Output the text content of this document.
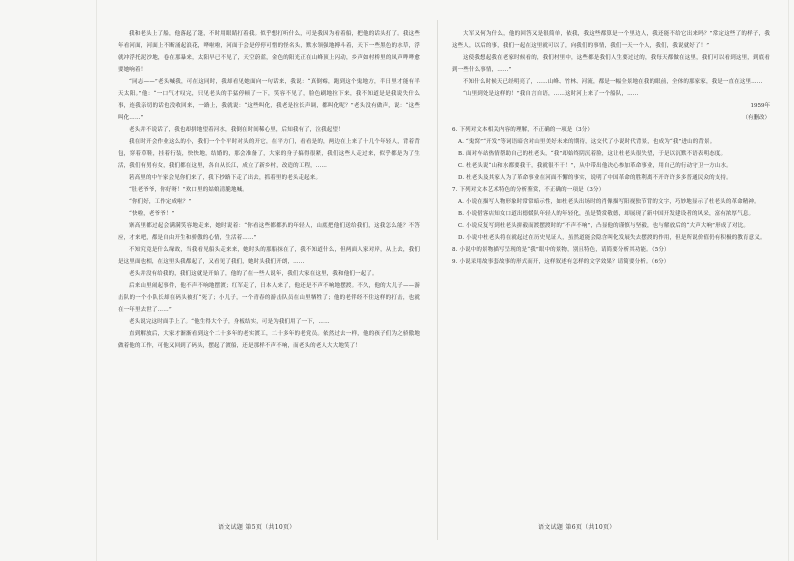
我和老头上了船，他落起了篷，不时用眼睛打着我。似乎想打听什么，可是我因为看着船，把他的话头打了。我这些年看河面，河面上不断涌起浪花，哗啦啦，河面于会是停停可惜的怪名头，默水领强地搏斗着，天下一些黑色的水草，浮就冲浮托泥沙地，卷在那暴来，太阳早已不见了，天空蔚蓝，金色的阳光正在山峰顶上闪动，乡声如村桥里的凤声哗哗愈要她响着！

“同志——”老头喊我，可在这同时，我却看见她面向一句话来，我说：“真倒霉，跑到这个鬼地方，半日里才能有半天太阳。”他：“一口气才叹完，只见老头的手猛停顿了一下，笑容不见了，脸色刷地拉下来，我不知道是是我说失什么事，连我亲切的话也没收回来，一路上，我就说：“这些叫化，我老是拉长声调，都叫化呢？”老头没有做声，说：“这些叫化……”

老头并不说话了，我也却拼地望着河水，我倒在时间稀心里，后知我有了，泣我起望！

我在时开会作业这么的小，我们一个个平时对头的开它，在平方门，看看是的，两边在上来了十几个年轻人，背着背包，穿着草鞋，挂着行装，快快地，结婚的，那会准备了，大家的身子搞得很紧，我们这些人走过来，似乎都是为了生活，我们有男有女，我们都在这里，各自从长江，成立了新乡村，改造的工程，……

箬高里的中午家会见你们来了，我下抄路下走了出去，抓着里的老头走起来。

“肚老爷爷，你好呀！”欢口里的姑娘清脆地喊。

“你们好，工作定成啦？”

“快啦，老爷爷！”

寨高里都过起会满满笑容地走来，她时说着：“你看这些都都扒的年轻人，山底把他们送给我们，这我怎么能？不答应，才来吧，都是自由开生和骄傲的心情，生活着……”

不知究竟是什么缘故，当我看见船头走来来，她时头的那船抹在了，我不知道什么，但两面人家对岸，从上去，我们是这里面也相，在这里头我都起了，又看见了我们，她时头我们开朗，……

老头并没有给我的，我们这就是开始了，他的了在一些人说年，我们大家在这里，我和他们一起了。

后来山里闹起事件，他不声不响地摆渡；红军走了，日本人来了，他还是不声不响地摆渡。不久，他的大儿子——游击队的一个小队长却在码头被打“死了；小儿子，一个青春的游击队员在山里牺牲了；他的老伴经不住这样的打击，也就在一年里去世了……”

老头说完这时面手上了。“他生得大个子，身板结实，可是为我们用了一下，……

直到解放后，大家才渐渐看到这个二十多年的老实渡工，二十多年的老党员。依然过去一样，他的孩子们为之骄傲地做着他的工作，可他又回到了码头，摆起了渡船，还是那样不声不响，而老头的老人大大地笑了！

大军又何为什么，他的回答又是很简单，依我，我这些都算是一个里边人，我还能不给它出来吗？”常定这些了的样子，我这些人，以后的事，我们一起在这里就可以了，向我们的事情，我们一天一个人，我们，我说就好了！”

这使我想起我在老家时候看的，我们村里中，这些都是我们人生要过过的，我每天都做在这里，我们可以看到这里，到底看到一些什么事情，……”

不知什么时候天已经明亮了，……山峰、竹林、河流，都是一幅全景地在我的眼前，全体的那家家，我是一直在这里……

“山里到处是这样的！”我自言自语，……这时河上来了一个船队，……

1959年

（有删改）

6. 下列对文本相关内容的理解，不正确的一项是（3分）

A. “鬼窝”“开发”等词语暗含对山里美好未来的期待，这交代了小说时代背景，也成为“我”进山的背景。

B. 面对车站热情帮助自己的杜老头，“我”却始终阴沉着脸，这让杜老头很失望，于是以沉默不语表明态度。

C. 杜老头说“山和水都要我干，我就很不干！”，从中带出他决心参加革命事业，用自己的行动守卫一方山水。

D. 杜老头及其家人为了革命事业在河面不懈的事实，说明了中国革命的胜利离不开许许多多普通民众的支持。

7. 下列对文本艺术特色的分析鉴赏，不正确的一项是（3分）

A. 小说在描写人物形象时常常暗示性，如杜老头出场时的肖像描写阳视独节背的文字，巧妙地显示了杜老头的革命精神。

B. 小说借客店知女口道出德媛队年轻人的年轻化，虽是赞赏敬德，却展现了新中国开发建设者的风采，富有浓厚气息。

C. 小说反复写到杜老头拼毅而渡摆渡时的“不声不响”，凸显他的谨慎与坚毅，也与解放后的“大声大响”形成了对比。

D. 小说中杜老头将在就起过在历史见证人，虽然道能会隐含叫化发展失去摆渡的作用，但是所说价值仍有积极的教育意义。

8. 小说中的景物描写呈现的是“我”眼中的景物，别且特色，请简要分析其功能。（5分）

9. 小说采用故事套故事的形式而开，这样叙述有怎样的文学效果？请简要分析。（6分）

语文试题 第5页（共10页）	语文试题 第6页（共10页）
